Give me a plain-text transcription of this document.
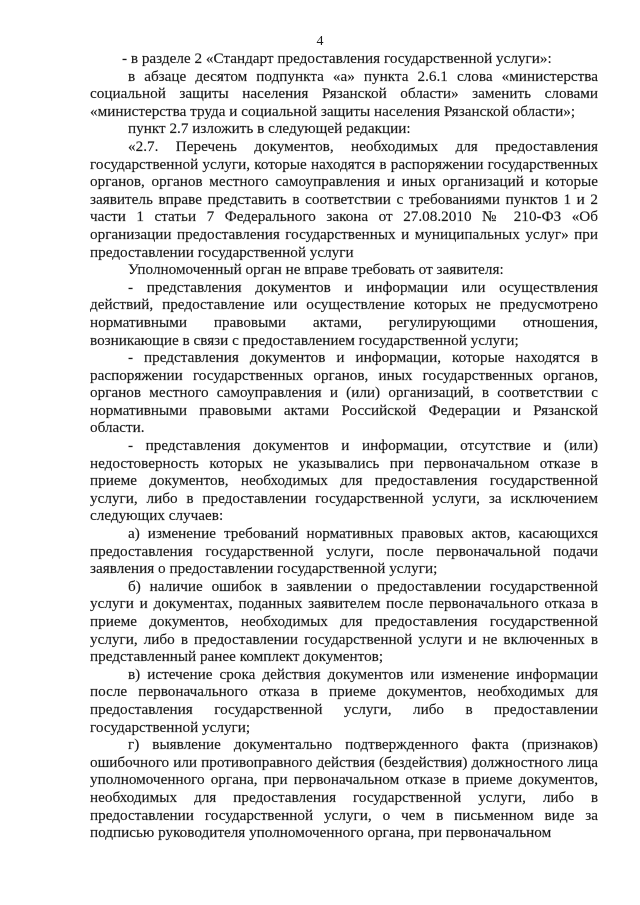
4

- в разделе 2 «Стандарт предоставления государственной услуги»:

в абзаце десятом подпункта «а» пункта 2.6.1 слова «министерства социальной защиты населения Рязанской области» заменить словами «министерства труда и социальной защиты населения Рязанской области»;

пункт 2.7 изложить в следующей редакции:

«2.7. Перечень документов, необходимых для предоставления государственной услуги, которые находятся в распоряжении государственных органов, органов местного самоуправления и иных организаций и которые заявитель вправе представить в соответствии с требованиями пунктов 1 и 2 части 1 статьи 7 Федерального закона от 27.08.2010 № 210-ФЗ «Об организации предоставления государственных и муниципальных услуг» при предоставлении государственной услуги

Уполномоченный орган не вправе требовать от заявителя:

- представления документов и информации или осуществления действий, предоставление или осуществление которых не предусмотрено нормативными правовыми актами, регулирующими отношения, возникающие в связи с предоставлением государственной услуги;

- представления документов и информации, которые находятся в распоряжении государственных органов, иных государственных органов, органов местного самоуправления и (или) организаций, в соответствии с нормативными правовыми актами Российской Федерации и Рязанской области.

- представления документов и информации, отсутствие и (или) недостоверность которых не указывались при первоначальном отказе в приеме документов, необходимых для предоставления государственной услуги, либо в предоставлении государственной услуги, за исключением следующих случаев:

а) изменение требований нормативных правовых актов, касающихся предоставления государственной услуги, после первоначальной подачи заявления о предоставлении государственной услуги;

б) наличие ошибок в заявлении о предоставлении государственной услуги и документах, поданных заявителем после первоначального отказа в приеме документов, необходимых для предоставления государственной услуги, либо в предоставлении государственной услуги и не включенных в представленный ранее комплект документов;

в) истечение срока действия документов или изменение информации после первоначального отказа в приеме документов, необходимых для предоставления государственной услуги, либо в предоставлении государственной услуги;

г) выявление документально подтвержденного факта (признаков) ошибочного или противоправного действия (бездействия) должностного лица уполномоченного органа, при первоначальном отказе в приеме документов, необходимых для предоставления государственной услуги, либо в предоставлении государственной услуги, о чем в письменном виде за подписью руководителя уполномоченного органа, при первоначальном
